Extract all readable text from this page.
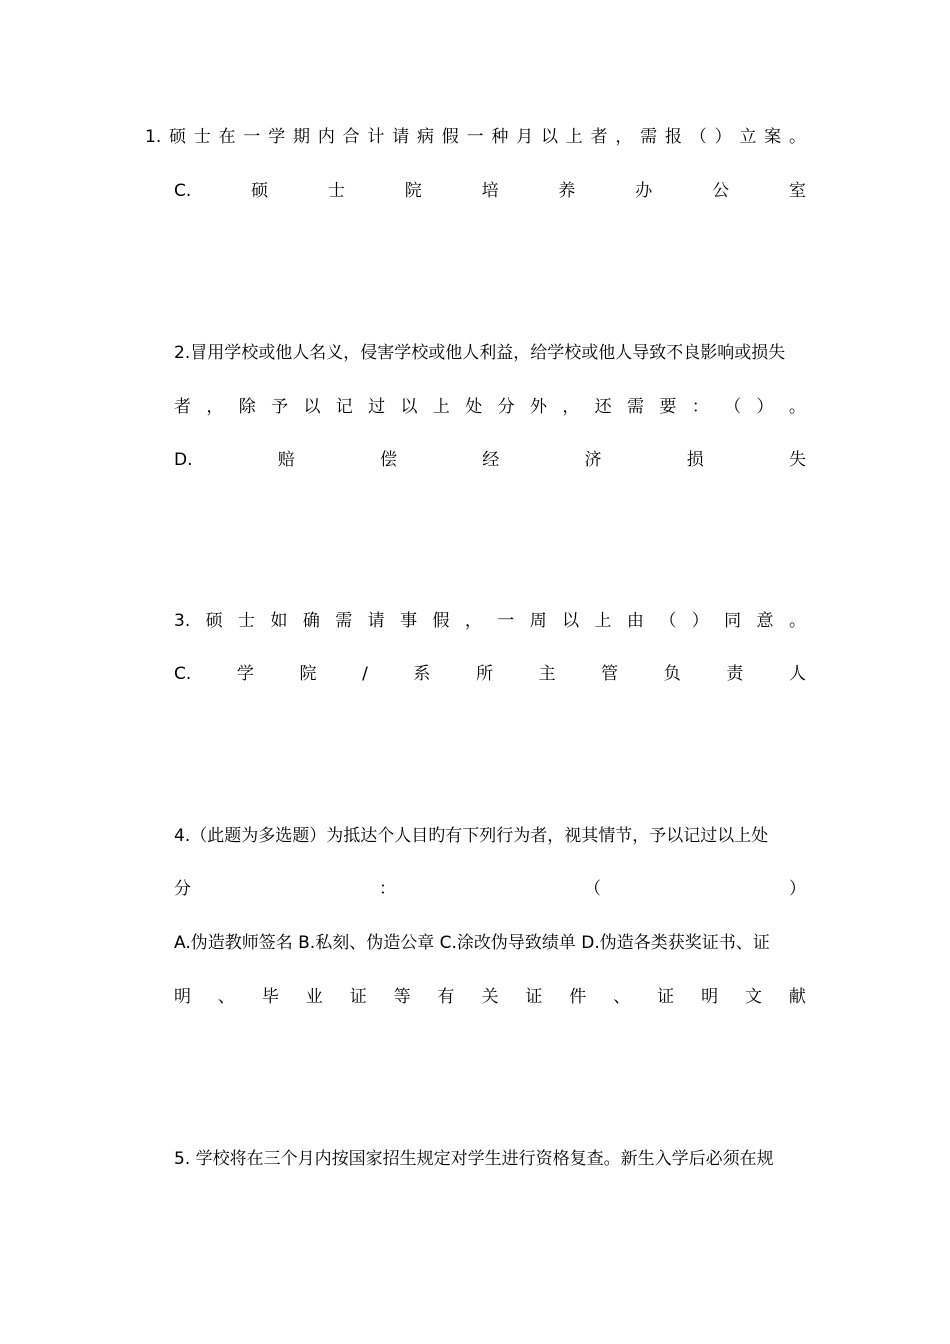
1. 硕 士 在 一 学 期 内 合 计 请 病 假 一 种 月 以 上 者 ， 需 报 （ ） 立 案 。
C.	硕	士	院	培	养	办	公	室
2.冒用学校或他人名义，侵害学校或他人利益，给学校或他人导致不良影响或损失
者 ， 除 予 以 记 过 以 上 处 分 外 ， 还 需 要 ： （ ） 。
D.	赔	偿	经	济	损	失
3. 硕 士 如 确 需 请 事 假 ， 一 周 以 上 由 （ ） 同 意 。
C.	学	院	/	系	所	主	管	负	责	人
4.（此题为多选题）为抵达个人目旳有下列行为者，视其情节，予以记过以上处
分	：	（	）
A.伪造教师签名 B.私刻、伪造公章 C.涂改伪导致绩单 D.伪造各类获奖证书、证
明 、 毕 业 证 等 有 关 证 件 、 证 明 文 献
5. 学校将在三个月内按国家招生规定对学生进行资格复查。新生入学后必须在规
